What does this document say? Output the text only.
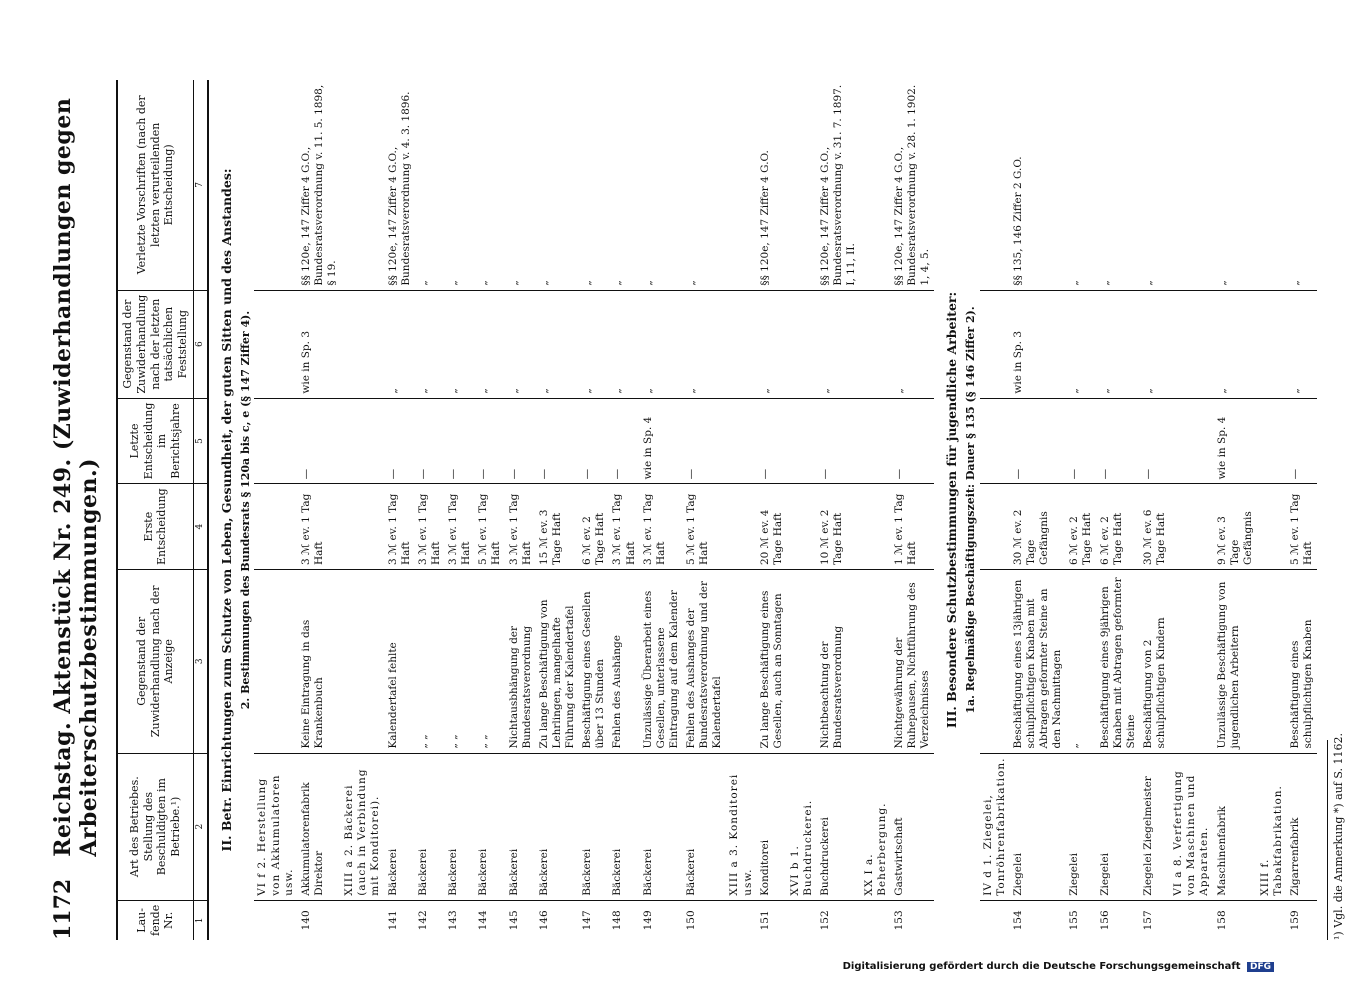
1172
Reichstag. Aktenstück Nr. 249. (Zuwiderhandlungen gegen Arbeiterschutzbestimmungen.)
Laufende Nr.	Art des Betriebes. Stellung des Beschuldigten im Betriebe.¹)	Gegenstand der Zuwiderhandlung nach der Anzeige	Erste Entscheidung	Letzte Entscheidung im Berichtsjahre	Gegenstand der Zuwiderhandlung nach der letzten tatsächlichen Feststellung	Verletzte Vorschriften (nach der letzten verurteilenden Entscheidung)
1	2	3	4	5	6	7
II. Betr. Einrichtungen zum Schutze von Leben, Gesundheit, der guten Sitten und des Anstandes:						
2. Bestimmungen des Bundesrats § 120a bis c, e (§ 147 Ziffer 4).						
	VI f 2. Herstellung von Akkumulatoren usw.					
140	Akkumulatorenfabrik Direktor	Keine Eintragung in das Krankenbuch	3 ℳ ev. 1 Tag Haft	—	wie in Sp. 3	§§ 120e, 147 Ziffer 4 G.O., Bundesratsverordnung v. 11. 5. 1898, § 19.
	XIII a 2. Bäckerei (auch in Verbindung mit Konditorei).					
141	Bäckerei	Kalendertafel fehlte	3 ℳ ev. 1 Tag Haft	—	„	§§ 120e, 147 Ziffer 4 G.O., Bundesratsverordnung v. 4. 3. 1896.
142	Bäckerei	„ „	3 ℳ ev. 1 Tag Haft	—	„	„
143	Bäckerei	„ „	3 ℳ ev. 1 Tag Haft	—	„	„
144	Bäckerei	„ „	5 ℳ ev. 1 Tag Haft	—	„	„
145	Bäckerei	Nichtausbhängung der Bundesratsverordnung	3 ℳ ev. 1 Tag Haft	—	„	„
146	Bäckerei	Zu lange Beschäftigung von Lehrlingen, mangelhafte Führung der Kalendertafel	15 ℳ ev. 3 Tage Haft	—	„	„
147	Bäckerei	Beschäftigung eines Gesellen über 13 Stunden	6 ℳ ev. 2 Tage Haft	—	„	„
148	Bäckerei	Fehlen des Aushänge	3 ℳ ev. 1 Tag Haft	—	„	„
149	Bäckerei	Unzulässige Überarbeit eines Gesellen, unterlassene Eintragung auf dem Kalender	3 ℳ ev. 1 Tag Haft	wie in Sp. 4	„	„
150	Bäckerei	Fehlen des Aushanges der Bundesratsverordnung und der Kalendertafel	5 ℳ ev. 1 Tag Haft	—	„	„
	XIII a 3. Konditorei usw.					
151	Konditorei	Zu lange Beschäftigung eines Gesellen, auch an Sonntagen	20 ℳ ev. 4 Tage Haft	—	„	§§ 120e, 147 Ziffer 4 G.O.
	XVI b 1. Buchdruckerei.					
152	Buchdruckerei	Nichtbeachtung der Bundesratsverordnung	10 ℳ ev. 2 Tage Haft	—	„	§§ 120e, 147 Ziffer 4 G.O., Bundesratsverordnung v. 31. 7. 1897. I, 11, II.
	XX I a. Beherbergung.					
153	Gastwirtschaft	Nichtgewährung der Ruhepausen, Nichtführung des Verzeichnisses	1 ℳ ev. 1 Tag Haft	—	„	§§ 120e, 147 Ziffer 4 G.O., Bundesratsverordnung v. 28. 1. 1902. 1, 4, 5.
III. Besondere Schutzbestimmungen für jugendliche Arbeiter:						
1a. Regelmäßige Beschäftigungszeit: Dauer § 135 (§ 146 Ziffer 2).						
	IV d 1. Ziegelei, Tonröhrenfabrikation.					
154	Ziegelei	Beschäftigung eines 13jährigen schulpflichtigen Knaben mit Abtragen geformter Steine an den Nachmittagen	30 ℳ ev. 2 Tage Gefängnis	—	wie in Sp. 3	§§ 135, 146 Ziffer 2 G.O.
155	Ziegelei	„	6 ℳ ev. 2 Tage Haft	—	„	„
156	Ziegelei	Beschäftigung eines 9jährigen Knaben mit Abtragen geformter Steine	6 ℳ ev. 2 Tage Haft	—	„	„
157	Ziegelei Ziegelmeister	Beschäftigung von 2 schulpflichtigen Kindern	30 ℳ ev. 6 Tage Haft	—	„	„
	VI a 8. Verfertigung von Maschinen und Apparaten.					
158	Maschinenfabrik	Unzulässige Beschäftigung von jugendlichen Arbeitern	9 ℳ ev. 3 Tage Gefängnis	wie in Sp. 4	„	„
	XIII f. Tabakfabrikation.					
159	Zigarrenfabrik	Beschäftigung eines schulpflichtigen Knaben	5 ℳ ev. 1 Tag Haft	—	„	„
¹) Vgl. die Anmerkung *) auf S. 1162.
Digitalisierung gefördert durch die Deutsche Forschungsgemeinschaft DFG
